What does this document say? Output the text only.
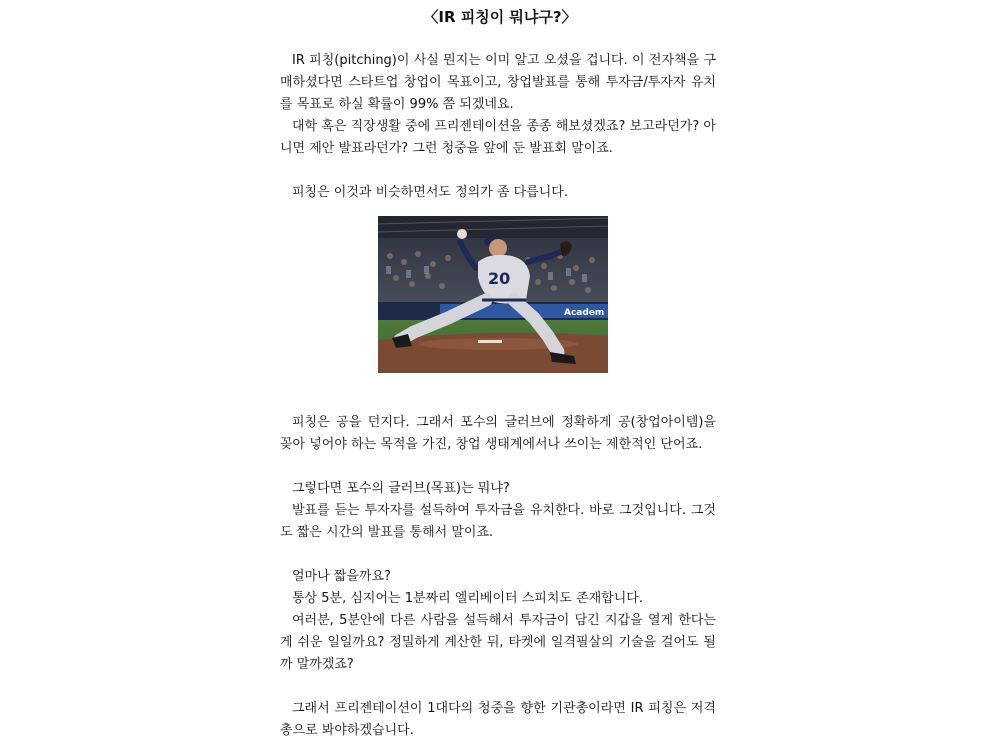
〈IR 피칭이 뭐냐구?〉

IR 피칭(pitching)이 사실 뭔지는 이미 알고 오셨을 겁니다. 이 전자책을 구매하셨다면 스타트업 창업이 목표이고, 창업발표를 통해 투자금/투자자 유치를 목표로 하실 확률이 99% 쯤 되겠네요.

대학 혹은 직장생활 중에 프리젠테이션을 종종 해보셨겠죠? 보고라던가? 아니면 제안 발표라던가? 그런 청중을 앞에 둔 발표회 말이죠.

피칭은 이것과 비슷하면서도 정의가 좀 다릅니다.

Academ
20

피칭은 공을 던지다. 그래서 포수의 글러브에 정확하게 공(창업아이템)을 꽂아 넣어야 하는 목적을 가진, 창업 생태계에서나 쓰이는 제한적인 단어죠.

그렇다면 포수의 글러브(목표)는 뭐냐?

발표를 듣는 투자자를 설득하여 투자금을 유치한다. 바로 그것입니다. 그것도 짧은 시간의 발표를 통해서 말이죠.

얼마나 짧을까요?

통상 5분, 심지어는 1분짜리 엘리베이터 스피치도 존재합니다.

여러분, 5분안에 다른 사람을 설득해서 투자금이 담긴 지갑을 열게 한다는게 쉬운 일일까요? 정밀하게 계산한 뒤, 타켓에 일격필살의 기술을 걸어도 될까 말까겠죠?

그래서 프리젠테이션이 1대다의 청중을 향한 기관총이라면 IR 피칭은 저격총으로 봐야하겠습니다.
